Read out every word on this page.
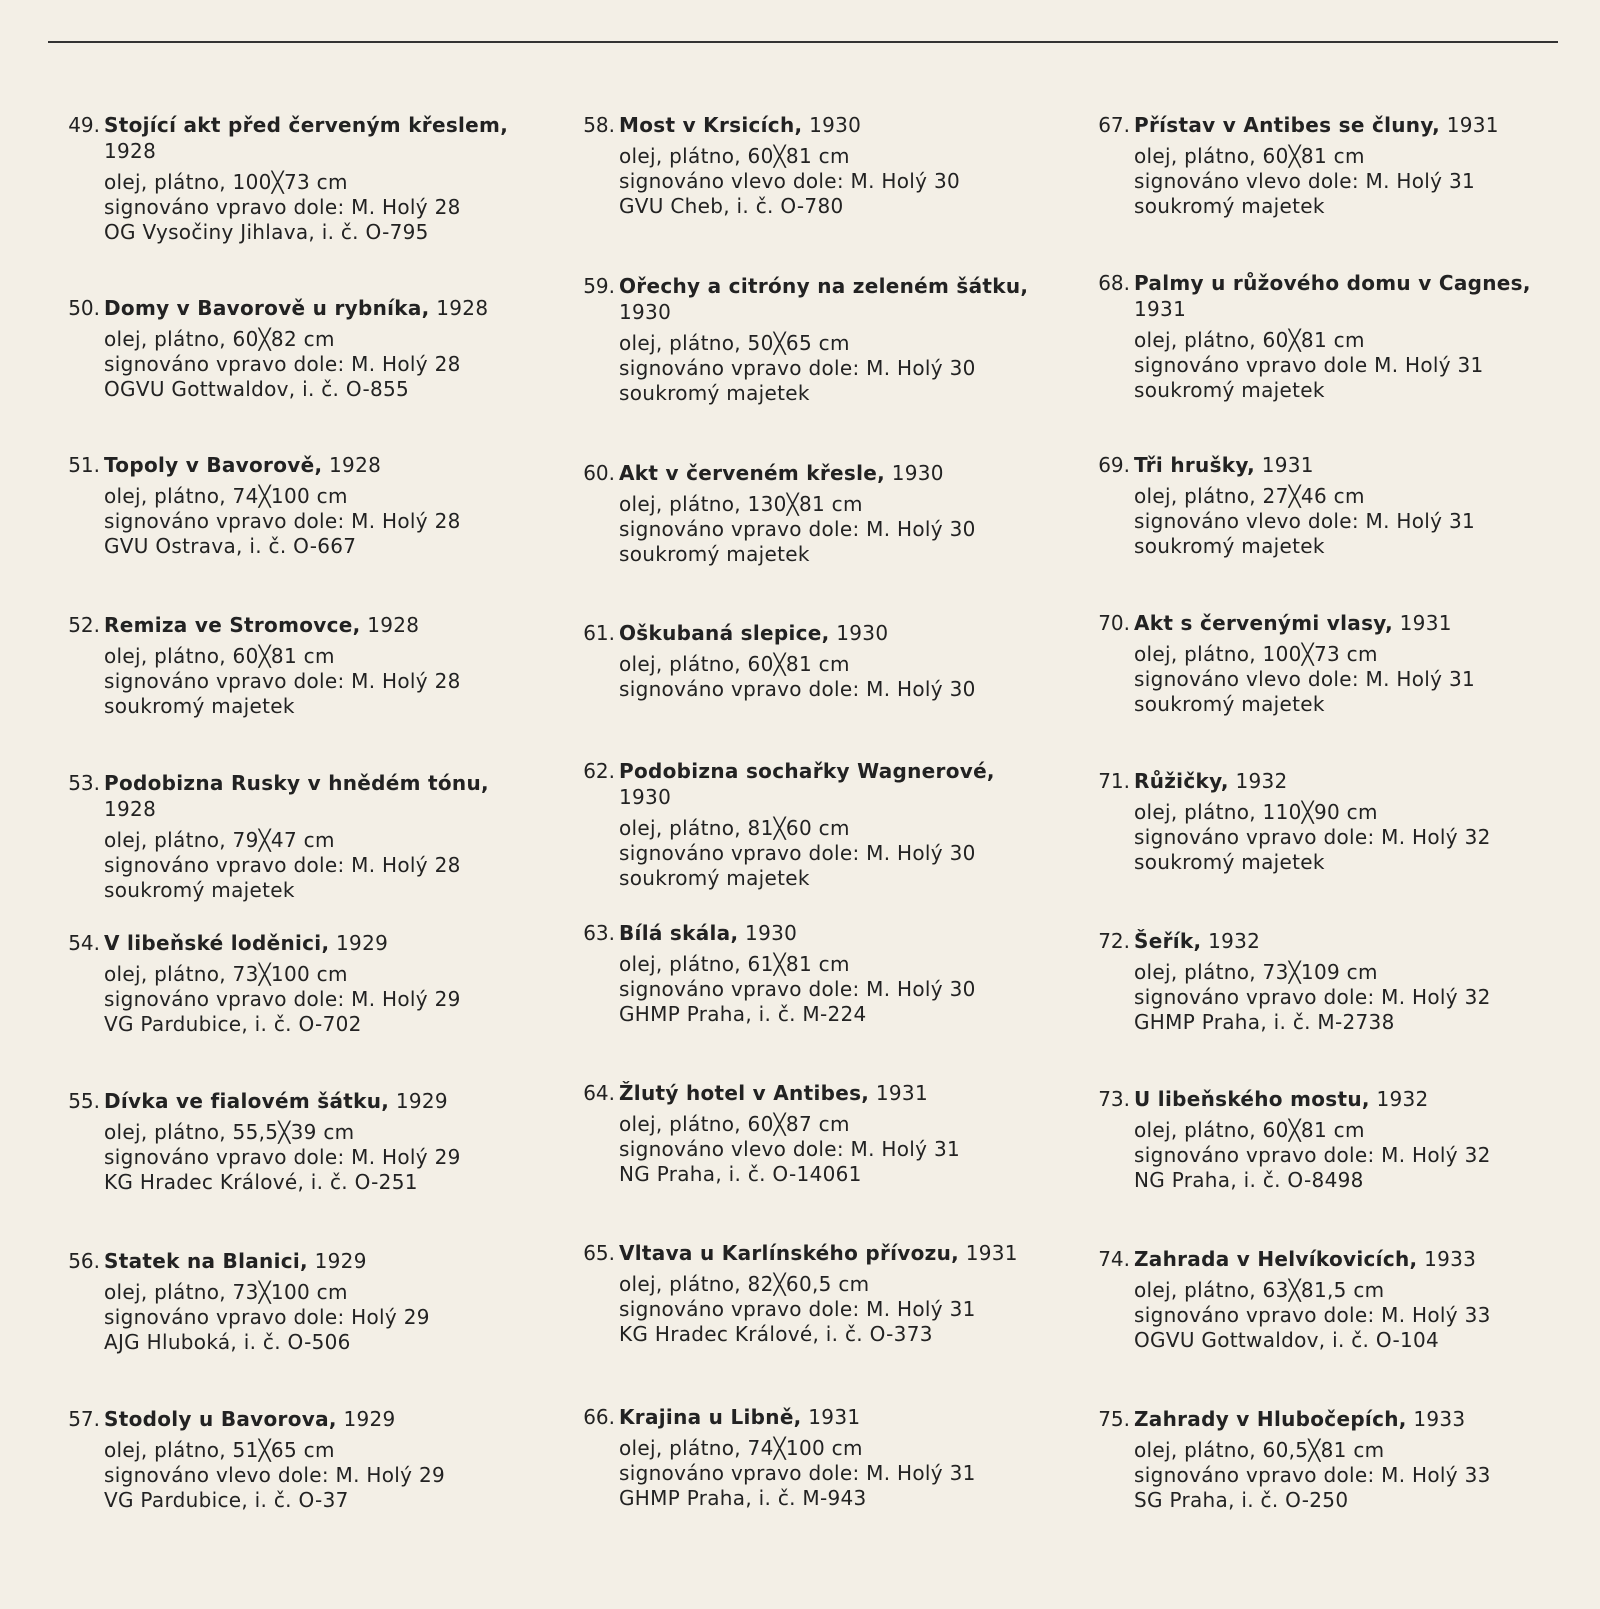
49. Stojící akt před červeným křeslem,
1928
olej, plátno, 100╳73 cm
signováno vpravo dole: M. Holý 28
OG Vysočiny Jihlava, i. č. O-795
50. Domy v Bavorově u rybníka, 1928
olej, plátno, 60╳82 cm
signováno vpravo dole: M. Holý 28
OGVU Gottwaldov, i. č. O-855
51. Topoly v Bavorově, 1928
olej, plátno, 74╳100 cm
signováno vpravo dole: M. Holý 28
GVU Ostrava, i. č. O-667
52. Remiza ve Stromovce, 1928
olej, plátno, 60╳81 cm
signováno vpravo dole: M. Holý 28
soukromý majetek
53. Podobizna Rusky v hnědém tónu, 1928
olej, plátno, 79╳47 cm
signováno vpravo dole: M. Holý 28
soukromý majetek
54. V libeňské loděnici, 1929
olej, plátno, 73╳100 cm
signováno vpravo dole: M. Holý 29
VG Pardubice, i. č. O-702
55. Dívka ve fialovém šátku, 1929
olej, plátno, 55,5╳39 cm
signováno vpravo dole: M. Holý 29
KG Hradec Králové, i. č. O-251
56. Statek na Blanici, 1929
olej, plátno, 73╳100 cm
signováno vpravo dole: Holý 29
AJG Hluboká, i. č. O-506
57. Stodoly u Bavorova, 1929
olej, plátno, 51╳65 cm
signováno vlevo dole: M. Holý 29
VG Pardubice, i. č. O-37
58. Most v Krsicích, 1930
olej, plátno, 60╳81 cm
signováno vlevo dole: M. Holý 30
GVU Cheb, i. č. O-780
59. Ořechy a citróny na zeleném šátku,
1930
olej, plátno, 50╳65 cm
signováno vpravo dole: M. Holý 30
soukromý majetek
60. Akt v červeném křesle, 1930
olej, plátno, 130╳81 cm
signováno vpravo dole: M. Holý 30
soukromý majetek
61. Oškubaná slepice, 1930
olej, plátno, 60╳81 cm
signováno vpravo dole: M. Holý 30
62. Podobizna sochařky Wagnerové, 1930
olej, plátno, 81╳60 cm
signováno vpravo dole: M. Holý 30
soukromý majetek
63. Bílá skála, 1930
olej, plátno, 61╳81 cm
signováno vpravo dole: M. Holý 30
GHMP Praha, i. č. M-224
64. Žlutý hotel v Antibes, 1931
olej, plátno, 60╳87 cm
signováno vlevo dole: M. Holý 31
NG Praha, i. č. O-14061
65. Vltava u Karlínského přívozu, 1931
olej, plátno, 82╳60,5 cm
signováno vpravo dole: M. Holý 31
KG Hradec Králové, i. č. O-373
66. Krajina u Libně, 1931
olej, plátno, 74╳100 cm
signováno vpravo dole: M. Holý 31
GHMP Praha, i. č. M-943
67. Přístav v Antibes se čluny, 1931
olej, plátno, 60╳81 cm
signováno vlevo dole: M. Holý 31
soukromý majetek
68. Palmy u růžového domu v Cagnes,
1931
olej, plátno, 60╳81 cm
signováno vpravo dole M. Holý 31
soukromý majetek
69. Tři hrušky, 1931
olej, plátno, 27╳46 cm
signováno vlevo dole: M. Holý 31
soukromý majetek
70. Akt s červenými vlasy, 1931
olej, plátno, 100╳73 cm
signováno vlevo dole: M. Holý 31
soukromý majetek
71. Růžičky, 1932
olej, plátno, 110╳90 cm
signováno vpravo dole: M. Holý 32
soukromý majetek
72. Šeřík, 1932
olej, plátno, 73╳109 cm
signováno vpravo dole: M. Holý 32
GHMP Praha, i. č. M-2738
73. U libeňského mostu, 1932
olej, plátno, 60╳81 cm
signováno vpravo dole: M. Holý 32
NG Praha, i. č. O-8498
74. Zahrada v Helvíkovicích, 1933
olej, plátno, 63╳81,5 cm
signováno vpravo dole: M. Holý 33
OGVU Gottwaldov, i. č. O-104
75. Zahrady v Hlubočepích, 1933
olej, plátno, 60,5╳81 cm
signováno vpravo dole: M. Holý 33
SG Praha, i. č. O-250
